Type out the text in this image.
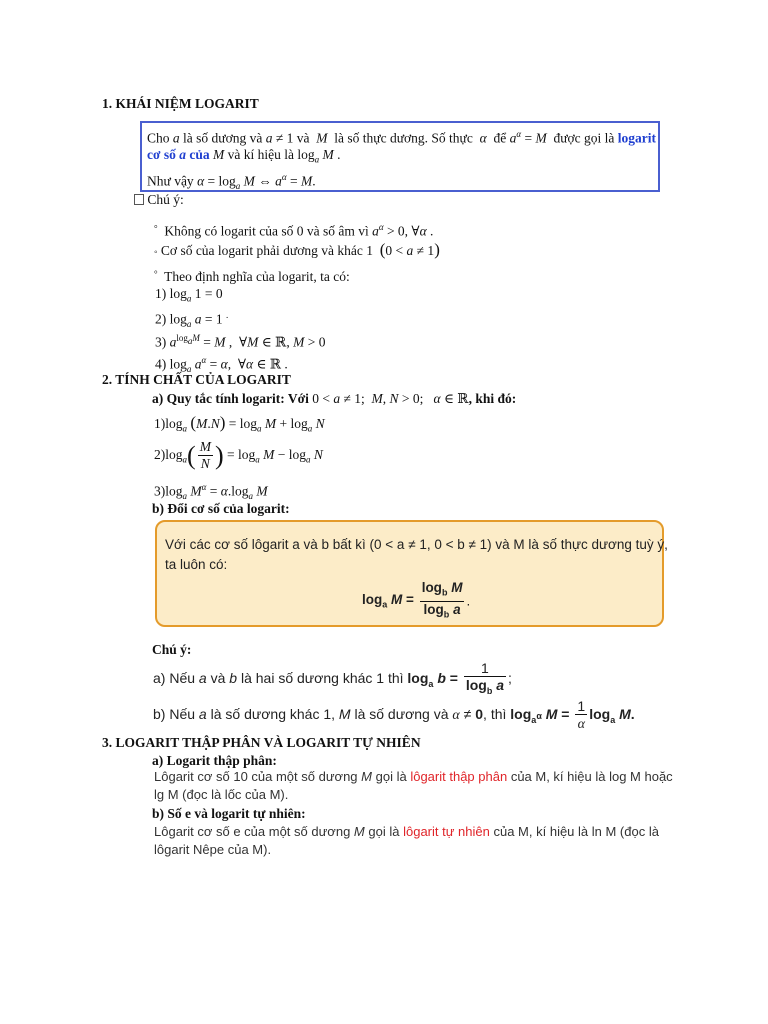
1. KHÁI NIỆM LOGARIT
Cho a là số dương và a ≠ 1 và M là số thực dương. Số thực α để $a^\alpha = M$ được gọi là logarit
cơ số a của M và kí hiệu là $\log_a M$ .
Như vậy $\alpha = \log_a M$ ⇔ $a^\alpha = M$.
Chú ý:
° Không có logarit của số 0 và số âm vì $a^\alpha > 0$, ∀α .
◦ Cơ số của logarit phải dương và khác 1 (0 < a ≠ 1)
° Theo định nghĩa của logarit, ta có:
1) $\log_a 1 = 0$
2) $\log_a a = 1$ .
3) $a^{log_aM} = M$ ,  ∀M ∈ ℝ, M > 0
4) $\log_a a^\alpha = \alpha$,  ∀α ∈ ℝ .
2. TÍNH CHẤT CỦA LOGARIT
a) Quy tắc tính logarit: Với 0 < a ≠ 1;  M, N > 0;   α ∈ ℝ, khi đó:
$1)\log_a$ $(M.N) = \log_a M + \log_a N$
$2)\log_a( \frac{M}{N}$ ) = $\log_a M - \log_a N$
$3)\log_a$ $M^\alpha = \alpha.\log_a$ M
b) Đổi cơ số của logarit:
Với các cơ số lôgarit a và b bất kì (0 < a ≠ 1, 0 < b ≠ 1) và M là số thực dương tuỳ ý,
ta luôn có:
$\log_a M = \frac{\log_b M}{\log_b a}$ .
Chú ý:
a) Nếu a và b là hai số dương khác 1 thì $\log_a b = \frac{1}{\log_b a}$ ;
b) Nếu a là số dương khác 1, M là số dương và α ≠ 0, thì $\log_{a^\alpha} M = \frac{1}{\alpha} \log_a M$.
3. LOGARIT THẬP PHÂN VÀ LOGARIT TỰ NHIÊN
a) Logarit thập phân:
Lôgarit cơ số 10 của một số dương M gọi là lôgarit thập phân của M, kí hiệu là log M hoặc
lg M (đọc là lốc của M).
b) Số e và logarit tự nhiên:
Lôgarit cơ số e của một số dương M gọi là lôgarit tự nhiên của M, kí hiệu là ln M (đọc là
lôgarit Nêpe của M).
